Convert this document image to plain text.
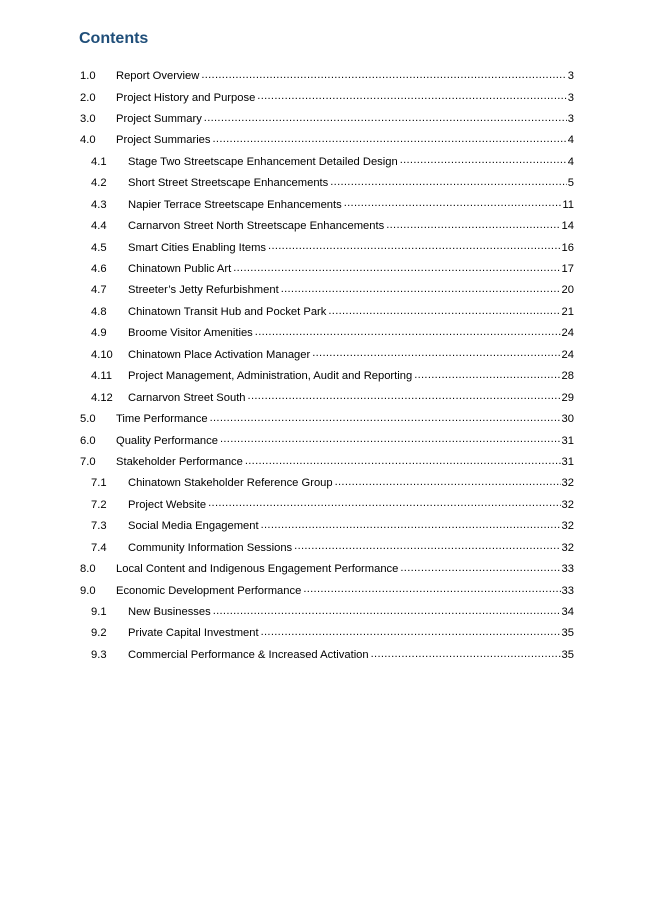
Contents
1.0	Report Overview .....	3
2.0	Project History and Purpose .....	3
3.0	Project Summary .....	3
4.0	Project Summaries .....	4
4.1	Stage Two Streetscape Enhancement Detailed Design .....	4
4.2	Short Street Streetscape Enhancements .....	5
4.3	Napier Terrace Streetscape Enhancements .....	11
4.4	Carnarvon Street North Streetscape Enhancements .....	14
4.5	Smart Cities Enabling Items .....	16
4.6	Chinatown Public Art .....	17
4.7	Streeter’s Jetty Refurbishment .....	20
4.8	Chinatown Transit Hub and Pocket Park .....	21
4.9	Broome Visitor Amenities .....	24
4.10	Chinatown Place Activation Manager .....	24
4.11	Project Management, Administration, Audit and Reporting .....	28
4.12	Carnarvon Street South .....	29
5.0	Time Performance .....	30
6.0	Quality Performance .....	31
7.0	Stakeholder Performance .....	31
7.1	Chinatown Stakeholder Reference Group .....	32
7.2	Project Website .....	32
7.3	Social Media Engagement .....	32
7.4	Community Information Sessions .....	32
8.0	Local Content and Indigenous Engagement Performance .....	33
9.0	Economic Development Performance .....	33
9.1	New Businesses .....	34
9.2	Private Capital Investment .....	35
9.3	Commercial Performance & Increased Activation .....	35
